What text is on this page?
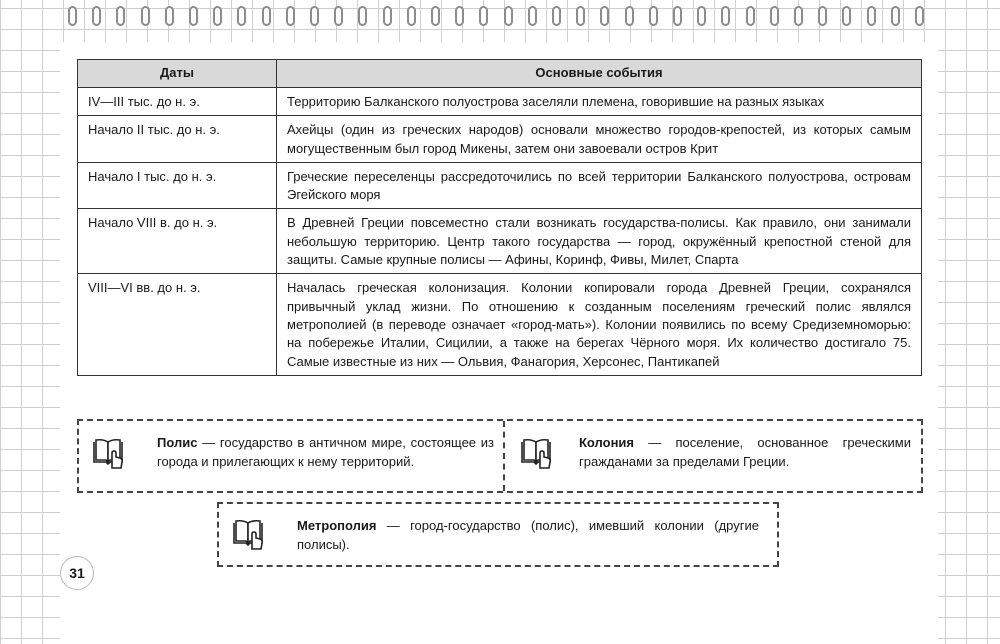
Даты	Основные события
IV—III тыс. до н. э.	Территорию Балканского полуострова заселяли племена, говорившие на разных языках
Начало II тыс. до н. э.	Ахейцы (один из греческих народов) основали множество городов-крепостей, из которых самым могущественным был город Микены, затем они завоевали остров Крит
Начало I тыс. до н. э.	Греческие переселенцы рассредоточились по всей территории Балканского полуострова, островам Эгейского моря
Начало VIII в. до н. э.	В Древней Греции повсеместно стали возникать государства-полисы. Как правило, они занимали небольшую территорию. Центр такого государства — город, окружённый крепостной стеной для защиты. Самые крупные полисы — Афины, Коринф, Фивы, Милет, Спарта
VIII—VI вв. до н. э.	Началась греческая колонизация. Колонии копировали города Древней Греции, сохранялся привычный уклад жизни. По отношению к созданным поселениям греческий полис являлся метрополией (в переводе означает «город-мать»). Колонии появились по всему Средиземноморью: на побережье Италии, Сицилии, а также на берегах Чёрного моря. Их количество достигало 75. Самые известные из них — Ольвия, Фанагория, Херсонес, Пантикапей
Полис — государство в античном мире, состоящее из города и прилегающих к нему территорий.
Колония — поселение, основанное греческими гражданами за пределами Греции.
Метрополия — город-государство (полис), имевший колонии (другие полисы).
31
